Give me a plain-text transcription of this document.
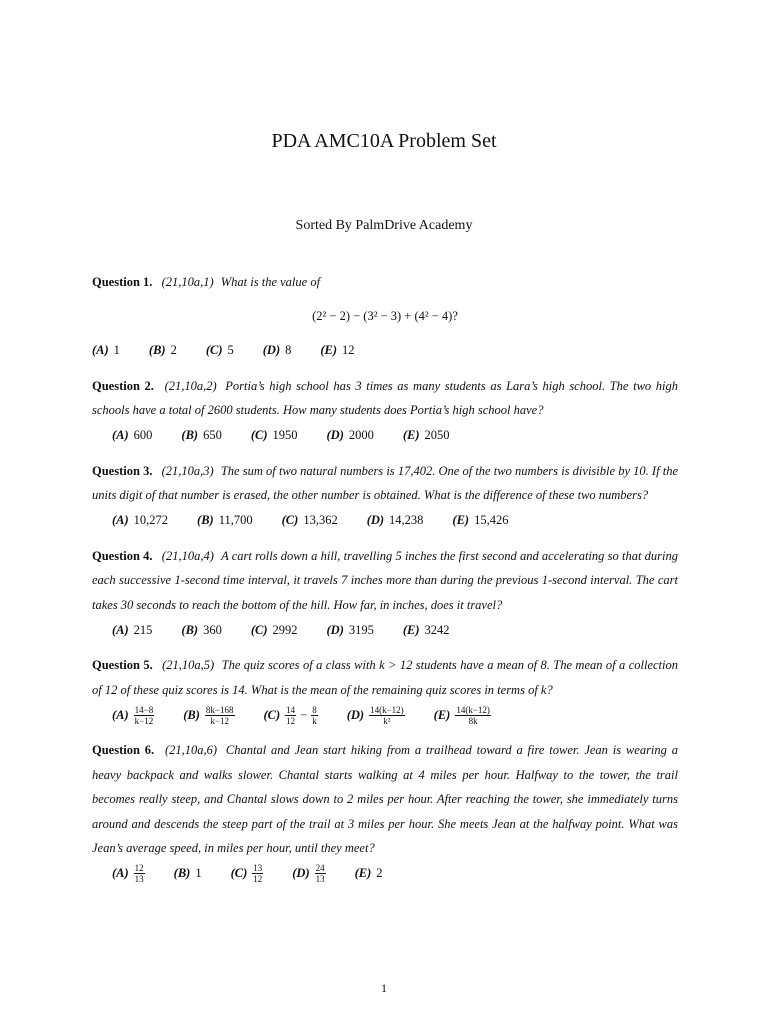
PDA AMC10A Problem Set
Sorted By PalmDrive Academy
Question 1. (21,10a,1) What is the value of
(2² − 2) − (3² − 3) + (4² − 4)?
(A) 1 (B) 2 (C) 5 (D) 8 (E) 12
Question 2. (21,10a,2) Portia’s high school has 3 times as many students as Lara’s high school. The two high schools have a total of 2600 students. How many students does Portia’s high school have?
(A) 600 (B) 650 (C) 1950 (D) 2000 (E) 2050
Question 3. (21,10a,3) The sum of two natural numbers is 17,402. One of the two numbers is divisible by 10. If the units digit of that number is erased, the other number is obtained. What is the difference of these two numbers?
(A) 10,272 (B) 11,700 (C) 13,362 (D) 14,238 (E) 15,426
Question 4. (21,10a,4) A cart rolls down a hill, travelling 5 inches the first second and accelerating so that during each successive 1-second time interval, it travels 7 inches more than during the previous 1-second interval. The cart takes 30 seconds to reach the bottom of the hill. How far, in inches, does it travel?
(A) 215 (B) 360 (C) 2992 (D) 3195 (E) 3242
Question 5. (21,10a,5) The quiz scores of a class with k > 12 students have a mean of 8. The mean of a collection of 12 of these quiz scores is 14. What is the mean of the remaining quiz scores in terms of k?
$(A) \frac{14-8}{k-12} (B) \frac{8k-168}{k-12} (C) \frac{14}{12} - \frac{8}{k} (D) \frac{14(k-12)}{\text{k²}} (E) \frac{14(k-12)}{8k}$
Question 6. (21,10a,6) Chantal and Jean start hiking from a trailhead toward a fire tower. Jean is wearing a heavy backpack and walks slower. Chantal starts walking at 4 miles per hour. Halfway to the tower, the trail becomes really steep, and Chantal slows down to 2 miles per hour. After reaching the tower, she immediately turns around and descends the steep part of the trail at 3 miles per hour. She meets Jean at the halfway point. What was Jean’s average speed, in miles per hour, until they meet?
$(A) \frac{12}{13} (B)$ 1 $(C) \frac{13}{12} (D) \frac{24}{13} (E)$ 2
1
